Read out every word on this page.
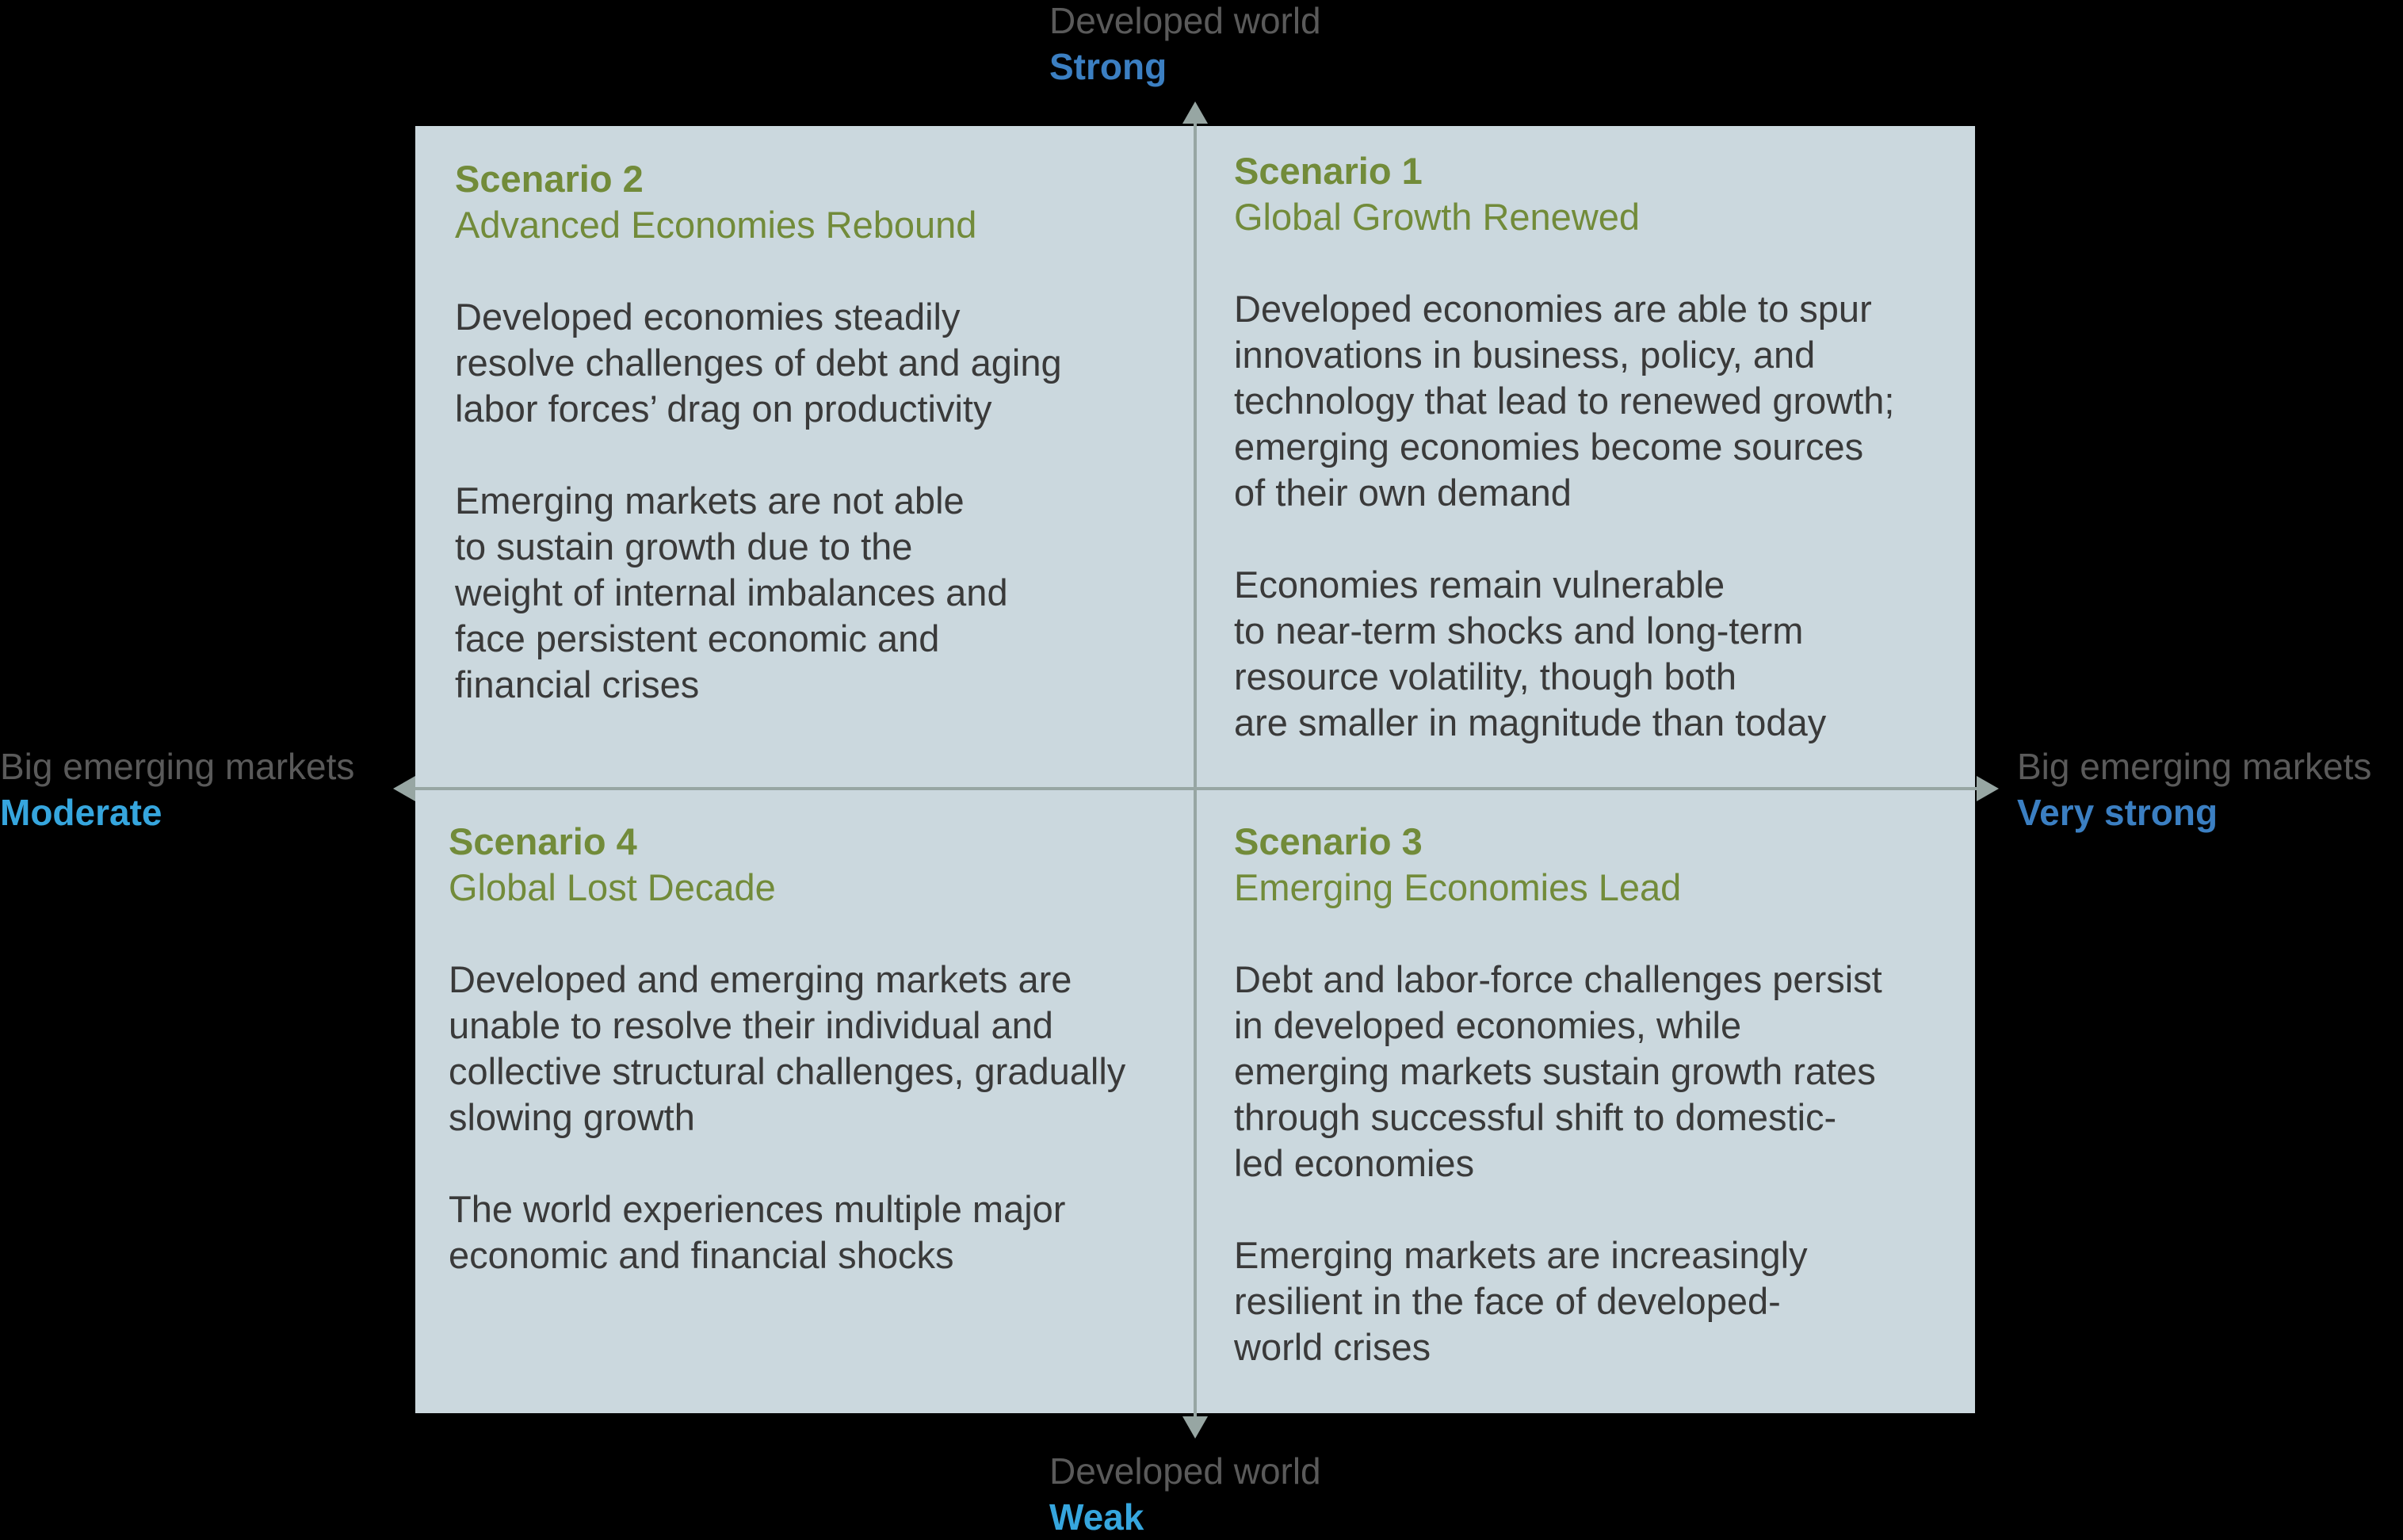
Developed world
Strong
Developed world
Weak
Big emerging markets
Moderate
Big emerging markets
Very strong
Scenario 2
Advanced Economies Rebound

Developed economies steadily
resolve challenges of debt and aging
labor forces’ drag on productivity

Emerging markets are not able
to sustain growth due to the
weight of internal imbalances and
face persistent economic and
financial crises

Scenario 1
Global Growth Renewed

Developed economies are able to spur
innovations in business, policy, and
technology that lead to renewed growth;
emerging economies become sources
of their own demand

Economies remain vulnerable
to near-term shocks and long-term
resource volatility, though both
are smaller in magnitude than today

Scenario 4
Global Lost Decade

Developed and emerging markets are
unable to resolve their individual and
collective structural challenges, gradually
slowing growth

The world experiences multiple major
economic and financial shocks

Scenario 3
Emerging Economies Lead

Debt and labor-force challenges persist
in developed economies, while
emerging markets sustain growth rates
through successful shift to domestic-
led economies

Emerging markets are increasingly
resilient in the face of developed-
world crises
